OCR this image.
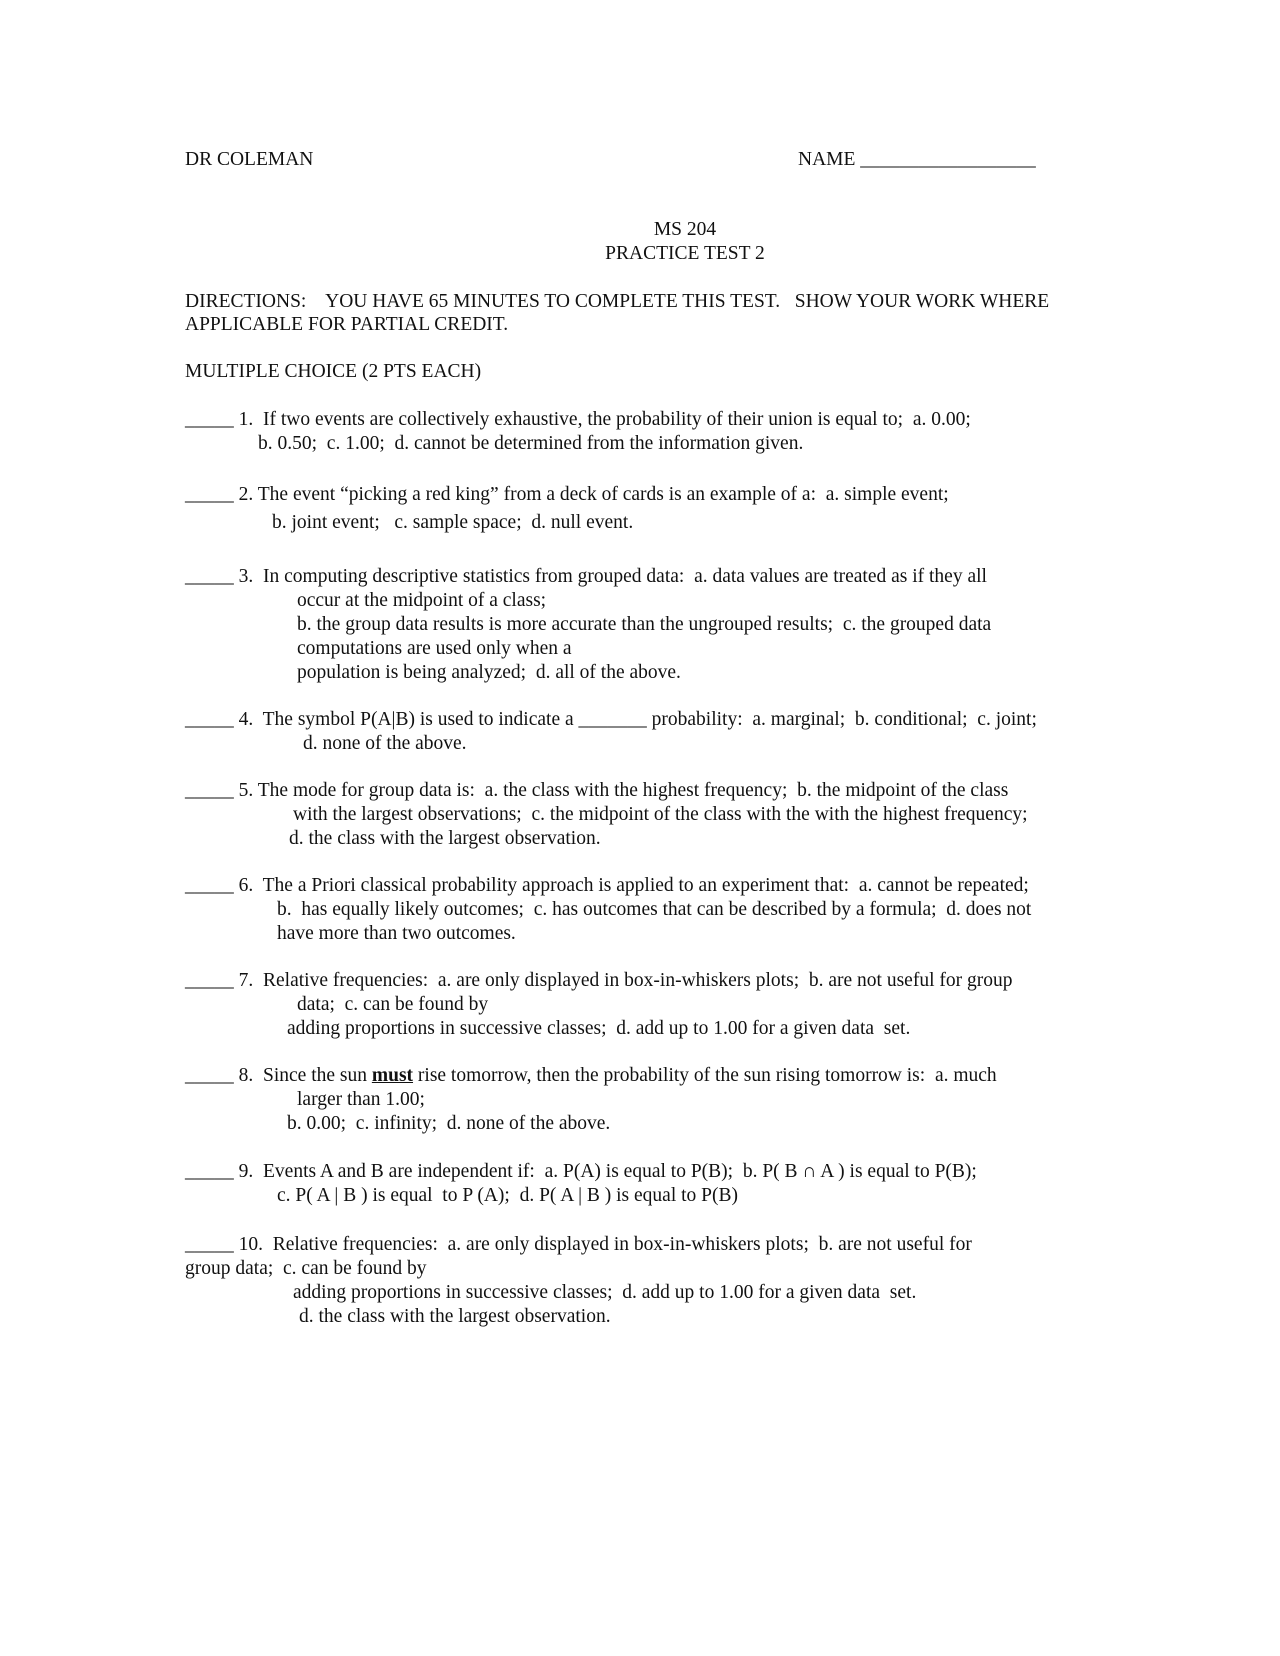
DR COLEMAN	NAME __________________
MS 204
PRACTICE TEST 2
DIRECTIONS:    YOU HAVE 65 MINUTES TO COMPLETE THIS TEST.   SHOW YOUR WORK WHERE
APPLICABLE FOR PARTIAL CREDIT.
MULTIPLE CHOICE (2 PTS EACH)
_____ 1.  If two events are collectively exhaustive, the probability of their union is equal to;  a. 0.00;
b. 0.50;  c. 1.00;  d. cannot be determined from the information given.
_____ 2. The event “picking a red king” from a deck of cards is an example of a:  a. simple event;
b. joint event;   c. sample space;  d. null event.
_____ 3.  In computing descriptive statistics from grouped data:  a. data values are treated as if they all
occur at the midpoint of a class;
b. the group data results is more accurate than the ungrouped results;  c. the grouped data
computations are used only when a
population is being analyzed;  d. all of the above.
_____ 4.  The symbol P(A|B) is used to indicate a _______ probability:  a. marginal;  b. conditional;  c. joint;
d. none of the above.
_____ 5. The mode for group data is:  a. the class with the highest frequency;  b. the midpoint of the class
with the largest observations;  c. the midpoint of the class with the with the highest frequency;
d. the class with the largest observation.
_____ 6.  The a Priori classical probability approach is applied to an experiment that:  a. cannot be repeated;
b.  has equally likely outcomes;  c. has outcomes that can be described by a formula;  d. does not
have more than two outcomes.
_____ 7.  Relative frequencies:  a. are only displayed in box-in-whiskers plots;  b. are not useful for group
data;  c. can be found by
adding proportions in successive classes;  d. add up to 1.00 for a given data  set.
_____ 8.  Since the sun must rise tomorrow, then the probability of the sun rising tomorrow is:  a. much
larger than 1.00;
b. 0.00;  c. infinity;  d. none of the above.
_____ 9.  Events A and B are independent if:  a. P(A) is equal to P(B);  b. P( B ∩ A ) is equal to P(B);
c. P( A | B ) is equal  to P (A);  d. P( A | B ) is equal to P(B)
_____ 10.  Relative frequencies:  a. are only displayed in box-in-whiskers plots;  b. are not useful for
group data;  c. can be found by
adding proportions in successive classes;  d. add up to 1.00 for a given data  set.
d. the class with the largest observation.
